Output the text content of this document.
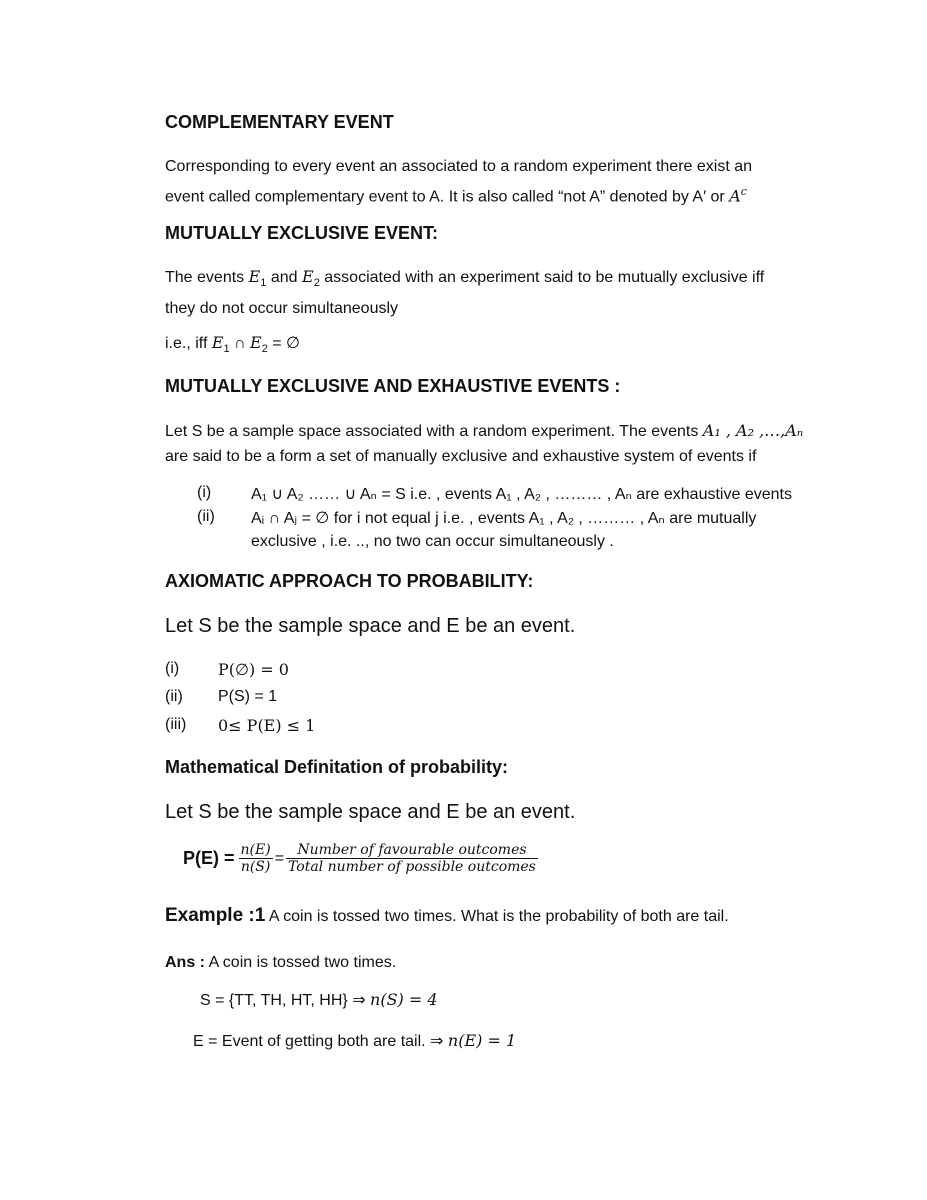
COMPLEMENTARY EVENT
Corresponding to every event an associated to a random experiment there exist an
event called complementary event to A. It is also called “not A” denoted by A′ or $A^c$
MUTUALLY EXCLUSIVE EVENT:
The events $E_1$ and $E_2$ associated with an experiment said to be mutually exclusive iff
they do not occur simultaneously
i.e., iff $E_1$ ∩ $E_2$ = ∅
MUTUALLY EXCLUSIVE AND EXHAUSTIVE EVENTS :
Let S be a sample space associated with a random experiment. The events A₁ , A₂ ,…,Aₙ
are said to be a form a set of manually exclusive and exhaustive system of events if
(i) A₁ ∪ A₂ …… ∪ Aₙ = S i.e. , events A₁ , A₂ , ……… , Aₙ are exhaustive events
(ii) Aᵢ ∩ Aⱼ = ∅ for i not equal j i.e. , events A₁ , A₂ , ……… , Aₙ are mutually
exclusive , i.e. .., no two can occur simultaneously .
AXIOMATIC APPROACH TO PROBABILITY:
Let S be the sample space and E be an event.
(i) P(∅) = 0
(ii) P(S) = 1
(iii) 0≤ P(E) ≤ 1
Mathematical Definitation of probability:
Let S be the sample space and E be an event.
$P(E) = \frac{n(E)}{n(S)} = \frac{\text{Number of favourable outcomes}}{\text{Total number of possible outcomes}}$
Example :1 A coin is tossed two times. What is the probability of both are tail.
Ans : A coin is tossed two times.
S = {TT, TH, HT, HH} ⇒ n(S) = 4
E = Event of getting both are tail. ⇒ n(E) = 1
